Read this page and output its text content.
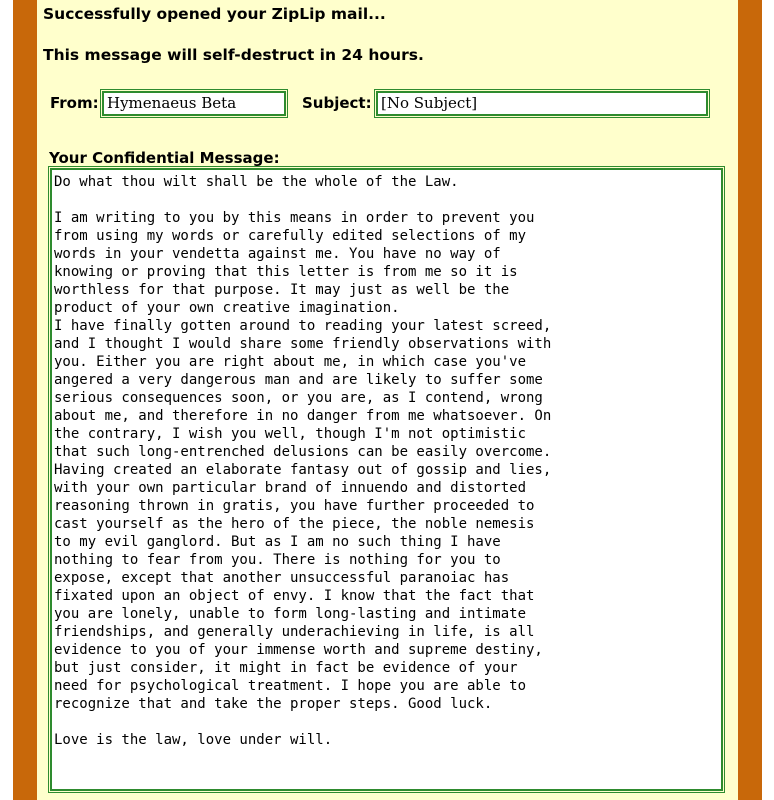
Successfully opened your ZipLip mail...
This message will self-destruct in 24 hours.
From: Hymenaeus Beta	Subject: [No Subject]
Your Confidential Message:
Do what thou wilt shall be the whole of the Law.

I am writing to you by this means in order to prevent you
from using my words or carefully edited selections of my
words in your vendetta against me. You have no way of
knowing or proving that this letter is from me so it is
worthless for that purpose. It may just as well be the
product of your own creative imagination.
I have finally gotten around to reading your latest screed,
and I thought I would share some friendly observations with
you. Either you are right about me, in which case you've
angered a very dangerous man and are likely to suffer some
serious consequences soon, or you are, as I contend, wrong
about me, and therefore in no danger from me whatsoever. On
the contrary, I wish you well, though I'm not optimistic
that such long-entrenched delusions can be easily overcome.
Having created an elaborate fantasy out of gossip and lies,
with your own particular brand of innuendo and distorted
reasoning thrown in gratis, you have further proceeded to
cast yourself as the hero of the piece, the noble nemesis
to my evil ganglord. But as I am no such thing I have
nothing to fear from you. There is nothing for you to
expose, except that another unsuccessful paranoiac has
fixated upon an object of envy. I know that the fact that
you are lonely, unable to form long-lasting and intimate
friendships, and generally underachieving in life, is all
evidence to you of your immense worth and supreme destiny,
but just consider, it might in fact be evidence of your
need for psychological treatment. I hope you are able to
recognize that and take the proper steps. Good luck.

Love is the law, love under will.
